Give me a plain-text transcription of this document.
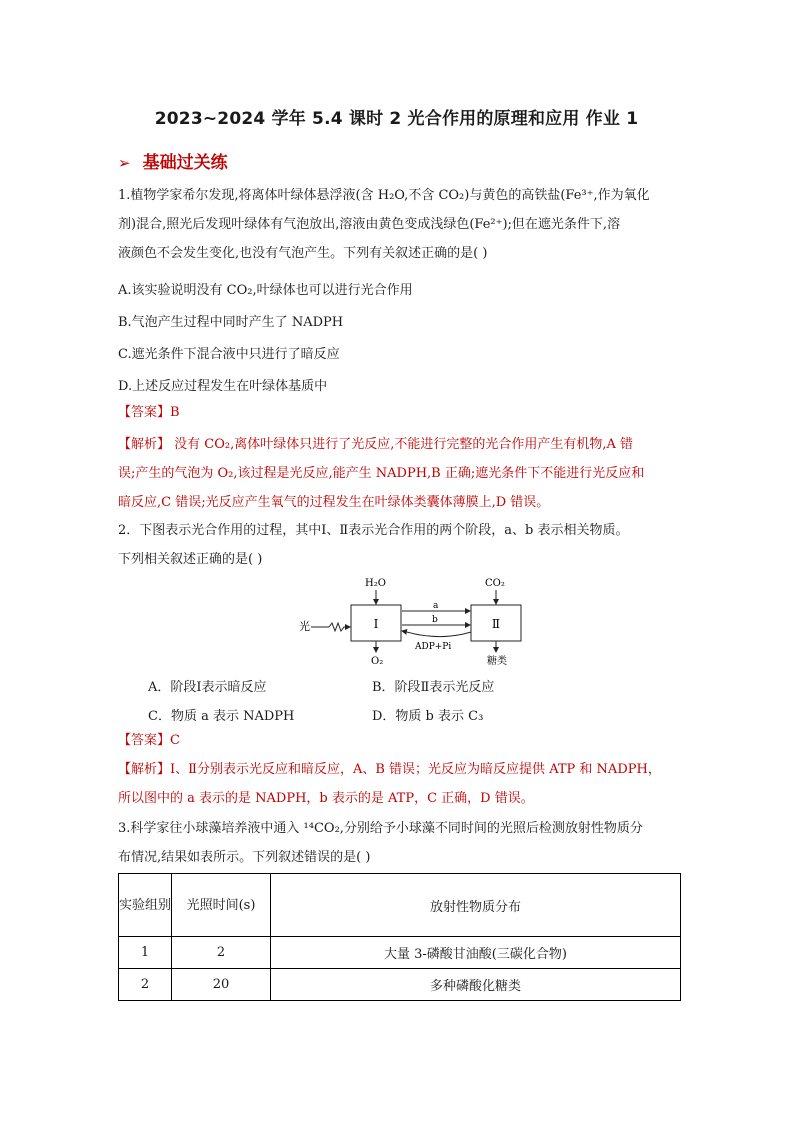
2023~2024 学年 5.4 课时 2 光合作用的原理和应用 作业 1
➢ 基础过关练
1.植物学家希尔发现,将离体叶绿体悬浮液(含 H₂O,不含 CO₂)与黄色的高铁盐(Fe³⁺,作为氧化
剂)混合,照光后发现叶绿体有气泡放出,溶液由黄色变成浅绿色(Fe²⁺);但在遮光条件下,溶
液颜色不会发生变化,也没有气泡产生。下列有关叙述正确的是( )
A.该实验说明没有 CO₂,叶绿体也可以进行光合作用
B.气泡产生过程中同时产生了 NADPH
C.遮光条件下混合液中只进行了暗反应
D.上述反应过程发生在叶绿体基质中
【答案】B
【解析】 没有 CO₂,离体叶绿体只进行了光反应,不能进行完整的光合作用产生有机物,A 错
误;产生的气泡为 O₂,该过程是光反应,能产生 NADPH,B 正确;遮光条件下不能进行光反应和
暗反应,C 错误;光反应产生氧气的过程发生在叶绿体类囊体薄膜上,D 错误。
2．下图表示光合作用的过程，其中Ⅰ、Ⅱ表示光合作用的两个阶段，a、b 表示相关物质。
下列相关叙述正确的是( )
光	Ⅰ
H₂O
O₂
Ⅱ
CO₂
糖类
a
b
ADP+Pi
A．阶段Ⅰ表示暗反应	B．阶段Ⅱ表示光反应
C．物质 a 表示 NADPH	D．物质 b 表示 C₃
【答案】C
【解析】Ⅰ、Ⅱ分别表示光反应和暗反应，A、B 错误；光反应为暗反应提供 ATP 和 NADPH，
所以图中的 a 表示的是 NADPH，b 表示的是 ATP，C 正确，D 错误。
3.科学家往小球藻培养液中通入 ¹⁴CO₂,分别给予小球藻不同时间的光照后检测放射性物质分
布情况,结果如表所示。下列叙述错误的是( )
实验组别	光照时间(s)	放射性物质分布
1	2	大量 3-磷酸甘油酸(三碳化合物)
2	20	多种磷酸化糖类
